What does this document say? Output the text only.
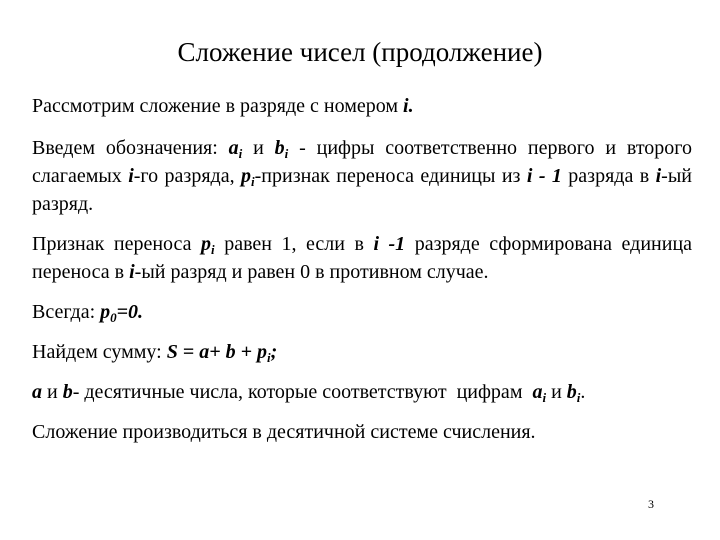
Сложение чисел (продолжение)

Рассмотрим сложение в разряде с номером i.

Введем обозначения: $a_i$ и $b_i$ - цифры соответственно первого и второго слагаемых i-го разряда, $p_i$-признак переноса единицы из i - 1 разряда в i-ый разряд.

Признак переноса $p_i$ равен 1, если в i -1 разряде сформирована единица переноса в i-ый разряд и равен 0 в противном случае.

Всегда: $p_0=0$.

Найдем сумму: $S = a+ b + p_i$;

a и b- десятичные числа, которые соответствуют  цифрам  $a_i$ и $b_i$.

Сложение производиться в десятичной системе счисления.

3
